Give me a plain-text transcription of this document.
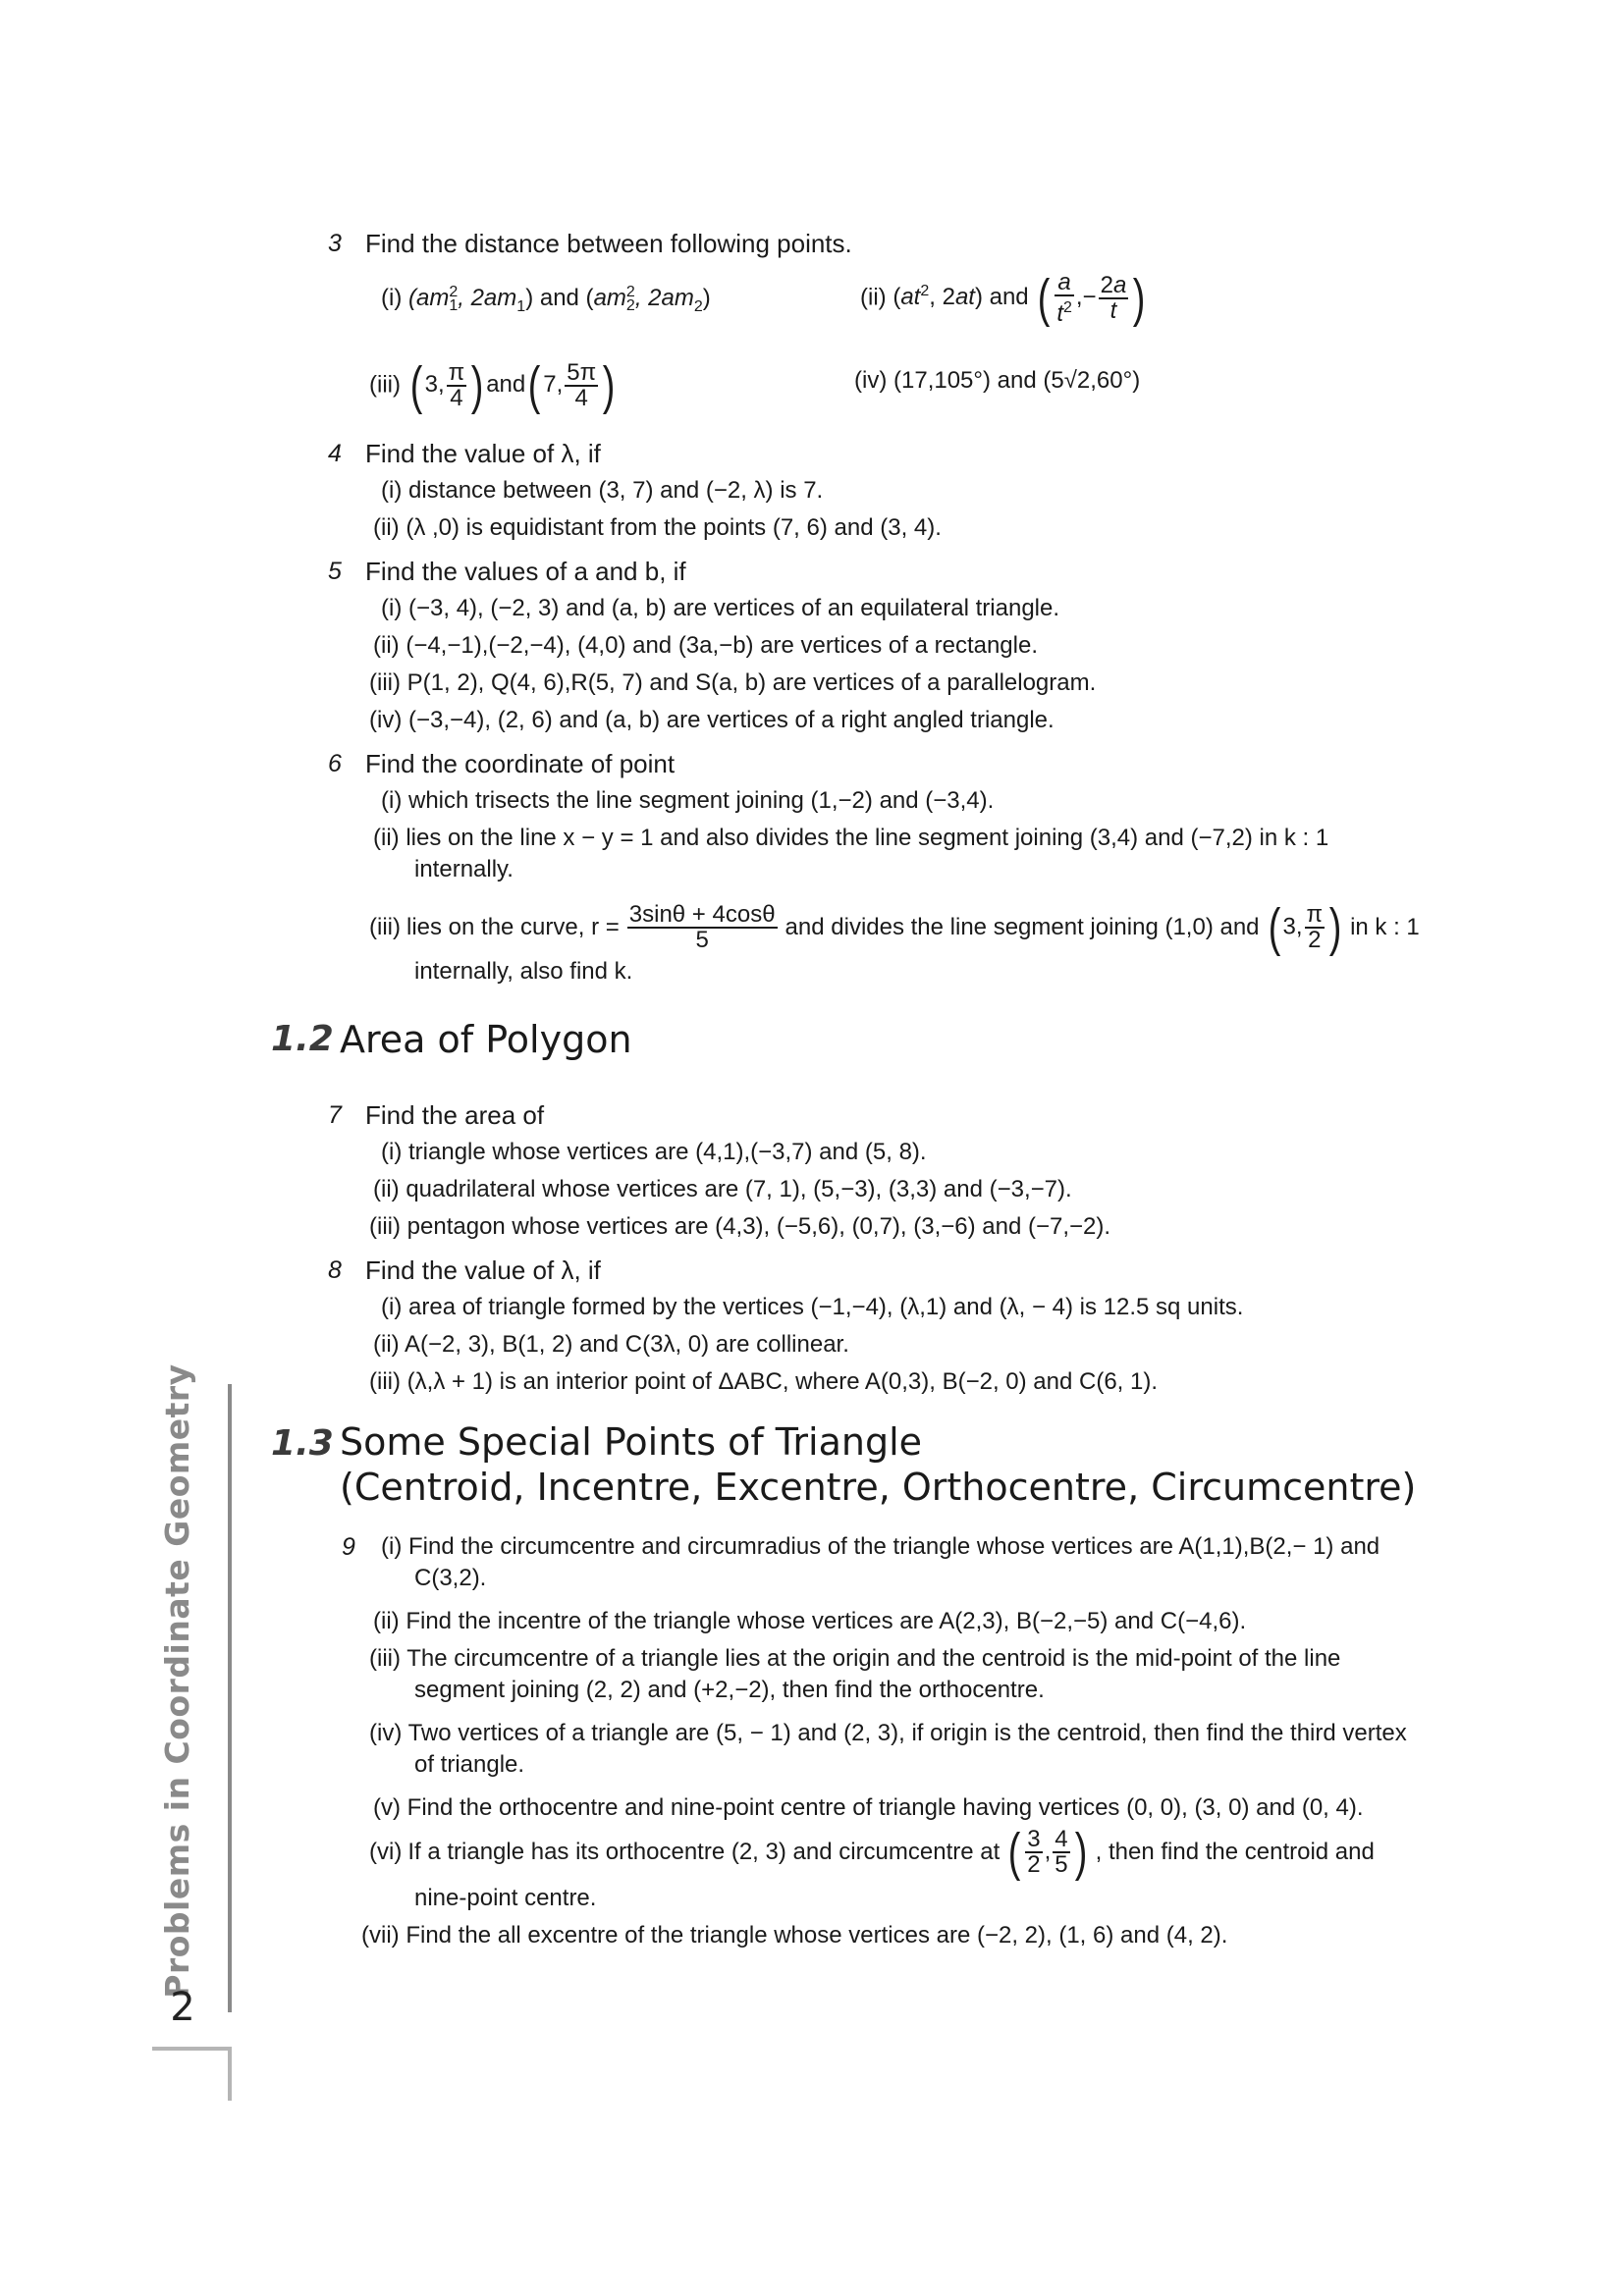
Problems in Coordinate Geometry
2
3 Find the distance between following points.
(i) (am 2
1 , $2am_1$) and (am 2
2 , $2am_2$)	(ii) ($at^2$, 2at) and ( $\frac{a}{t^2}$ ,− $\frac{2a}{t}$ )
(iii) ( 3, $\frac{\pi}{4}$ ) and( 7, $\frac{5\pi}{4}$ )	(iv) (17,105°) and (5√2,60°)
4 Find the value of λ, if
(i) distance between (3, 7) and (−2, λ) is 7.
(ii) (λ ,0) is equidistant from the points (7, 6) and (3, 4).
5 Find the values of a and b, if
(i) (−3, 4), (−2, 3) and (a, b) are vertices of an equilateral triangle.
(ii) (−4,−1),(−2,−4), (4,0) and (3a,−b) are vertices of a rectangle.
(iii) P(1, 2), Q(4, 6),R(5, 7) and S(a, b) are vertices of a parallelogram.
(iv) (−3,−4), (2, 6) and (a, b) are vertices of a right angled triangle.
6 Find the coordinate of point
(i) which trisects the line segment joining (1,−2) and (−3,4).
(ii) lies on the line x − y = 1 and also divides the line segment joining (3,4) and (−7,2) in k : 1
internally.
(iii) lies on the curve, $r = \frac{3\sin\theta + 4\cos\theta}{5}$ and divides the line segment joining (1,0) and ( 3, $\frac{\pi}{2}$ ) in k : 1
internally, also find k.
1.2 Area of Polygon
7 Find the area of
(i) triangle whose vertices are (4,1),(−3,7) and (5, 8).
(ii) quadrilateral whose vertices are (7, 1), (5,−3), (3,3) and (−3,−7).
(iii) pentagon whose vertices are (4,3), (−5,6), (0,7), (3,−6) and (−7,−2).
8 Find the value of λ, if
(i) area of triangle formed by the vertices (−1,−4), (λ,1) and (λ, − 4) is 12.5 sq units.
(ii) A(−2, 3), B(1, 2) and C(3λ, 0) are collinear.
(iii) (λ,λ + 1) is an interior point of ΔABC, where A(0,3), B(−2, 0) and C(6, 1).
1.3 Some Special Points of Triangle
(Centroid, Incentre, Excentre, Orthocentre, Circumcentre)
9 (i) Find the circumcentre and circumradius of the triangle whose vertices are A(1,1),B(2,− 1) and
C(3,2).
(ii) Find the incentre of the triangle whose vertices are A(2,3), B(−2,−5) and C(−4,6).
(iii) The circumcentre of a triangle lies at the origin and the centroid is the mid-point of the line
segment joining (2, 2) and (+2,−2), then find the orthocentre.
(iv) Two vertices of a triangle are (5, − 1) and (2, 3), if origin is the centroid, then find the third vertex
of triangle.
(v) Find the orthocentre and nine-point centre of triangle having vertices (0, 0), (3, 0) and (0, 4).
(vi) If a triangle has its orthocentre (2, 3) and circumcentre at ( $\frac{3}{2}$ , $\frac{4}{5}$ ) , then find the centroid and
nine-point centre.
(vii) Find the all excentre of the triangle whose vertices are (−2, 2), (1, 6) and (4, 2).
